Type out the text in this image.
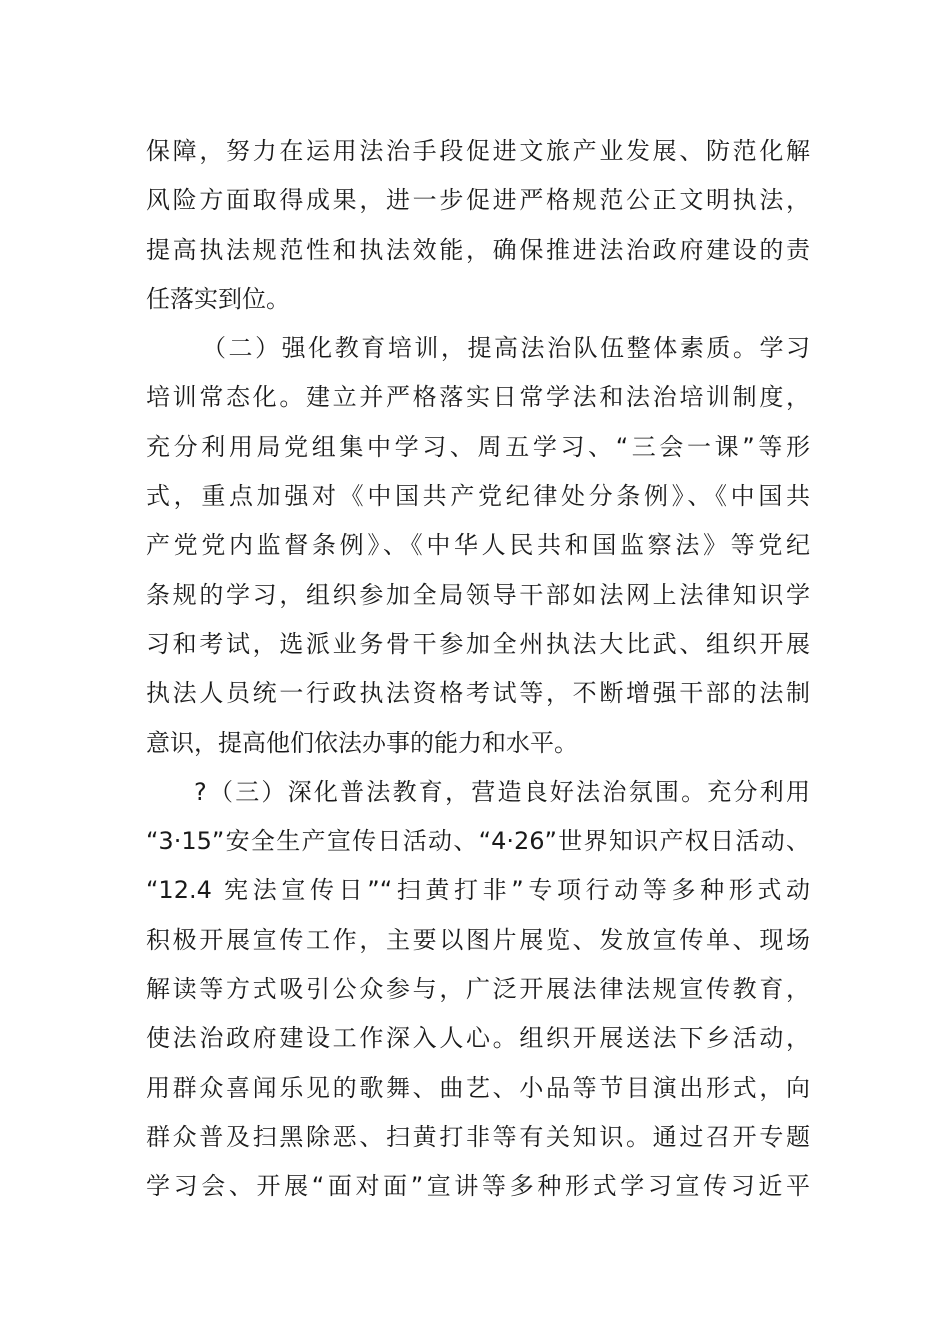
保障，努力在运用法治手段促进文旅产业发展、防范化解
风险方面取得成果，进一步促进严格规范公正文明执法，
提高执法规范性和执法效能，确保推进法治政府建设的责
任落实到位。
（二）强化教育培训，提高法治队伍整体素质。学习
培训常态化。建立并严格落实日常学法和法治培训制度，
充分利用局党组集中学习、周五学习、“三会一课”等形
式，重点加强对《中国共产党纪律处分条例》、《中国共
产党党内监督条例》、《中华人民共和国监察法》等党纪
条规的学习，组织参加全局领导干部如法网上法律知识学
习和考试，选派业务骨干参加全州执法大比武、组织开展
执法人员统一行政执法资格考试等，不断增强干部的法制
意识，提高他们依法办事的能力和水平。
?（三）深化普法教育，营造良好法治氛围。充分利用
“3·15”安全生产宣传日活动、“4·26”世界知识产权日活动、
“12.4 宪法宣传日”“扫黄打非”专项行动等多种形式动
积极开展宣传工作，主要以图片展览、发放宣传单、现场
解读等方式吸引公众参与，广泛开展法律法规宣传教育，
使法治政府建设工作深入人心。组织开展送法下乡活动，
用群众喜闻乐见的歌舞、曲艺、小品等节目演出形式，向
群众普及扫黑除恶、扫黄打非等有关知识。通过召开专题
学习会、开展“面对面”宣讲等多种形式学习宣传习近平
